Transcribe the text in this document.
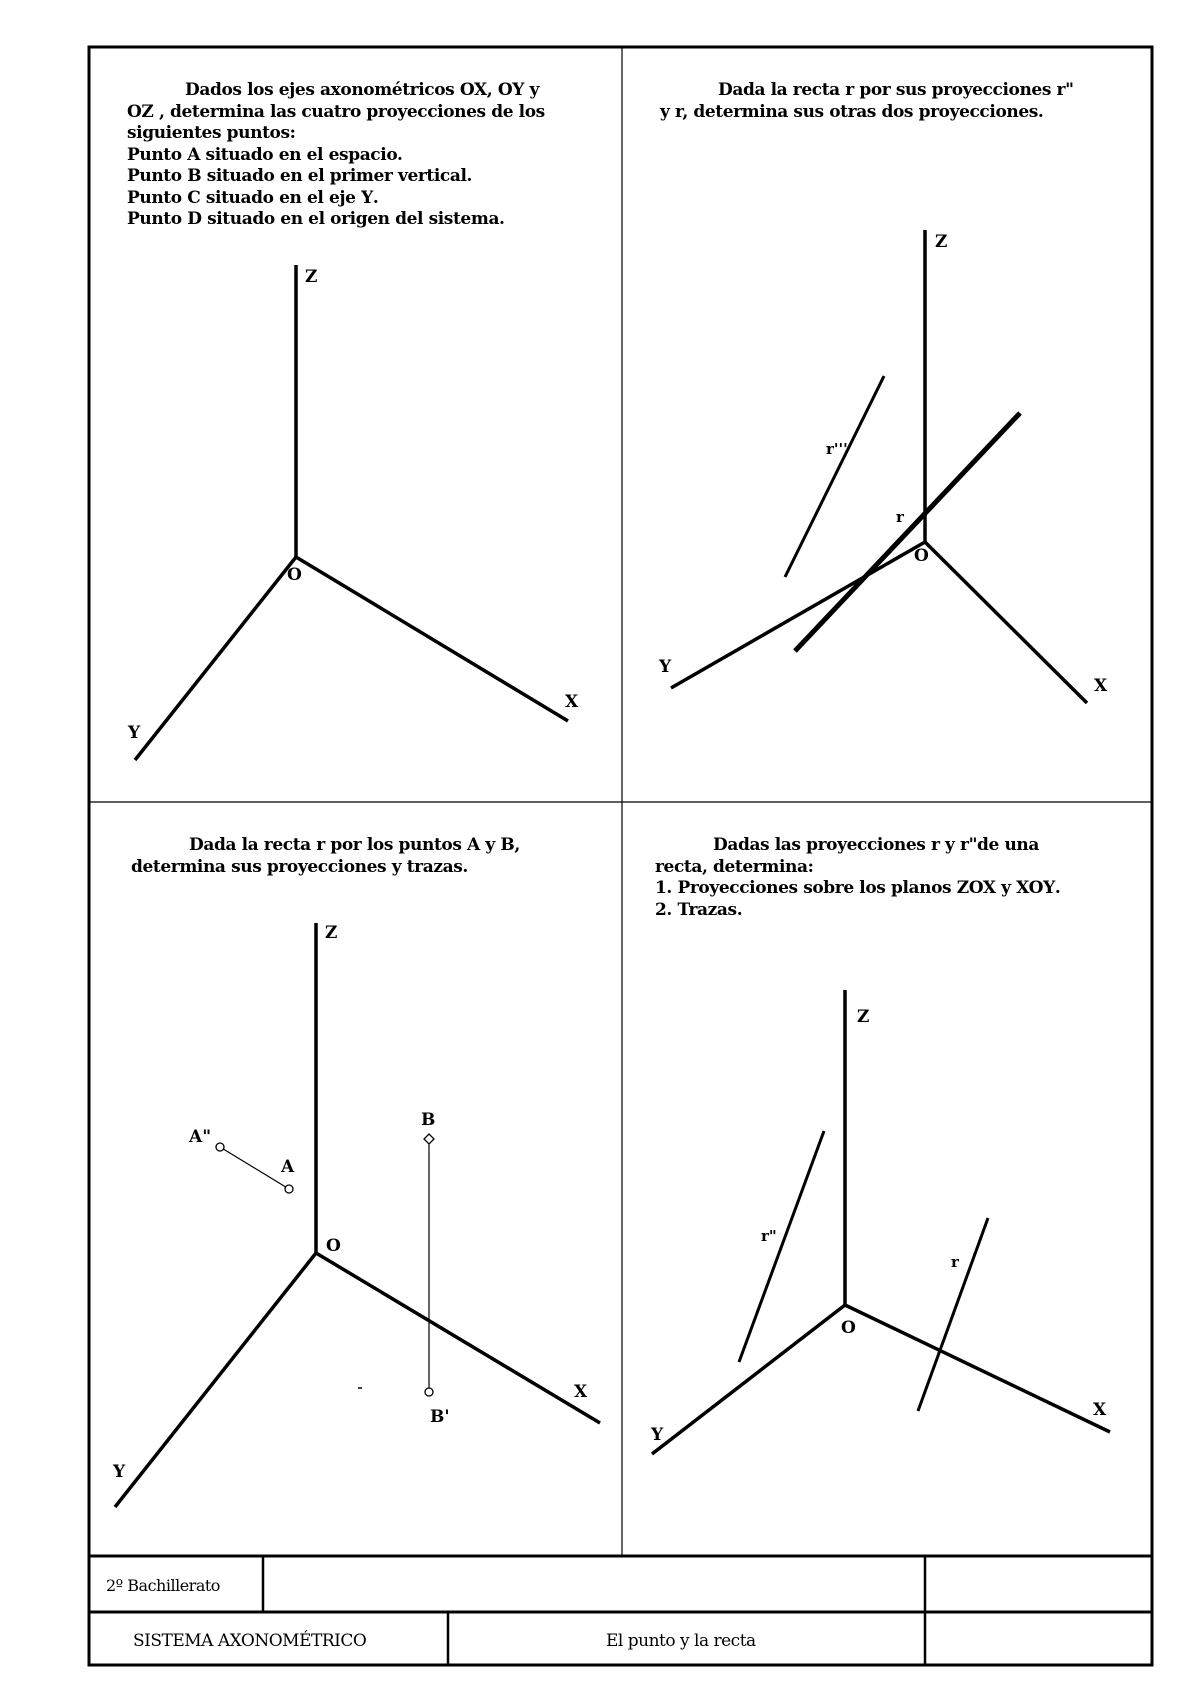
Dados los ejes axonométricos OX, OY y
OZ , determina las cuatro proyecciones de los
siguientes puntos:
Punto A situado en el espacio.
Punto B situado en el primer vertical.
Punto C situado en el eje Y.
Punto D situado en el origen del sistema.
Z
O
X
Y
Dada la recta r por sus proyecciones r"
y r, determina sus otras dos proyecciones.
Z
O
X
Y
r'''
r
Dada la recta r por los puntos A y B,
determina sus proyecciones y trazas.
Z
O
X
Y
A"
A
B
B'
Dadas las proyecciones r y r"de una
recta, determina:
1. Proyecciones sobre los planos ZOX y XOY.
2. Trazas.
Z
O
X
Y
r"
r
2º Bachillerato
SISTEMA AXONOMÉTRICO	El punto y la recta
